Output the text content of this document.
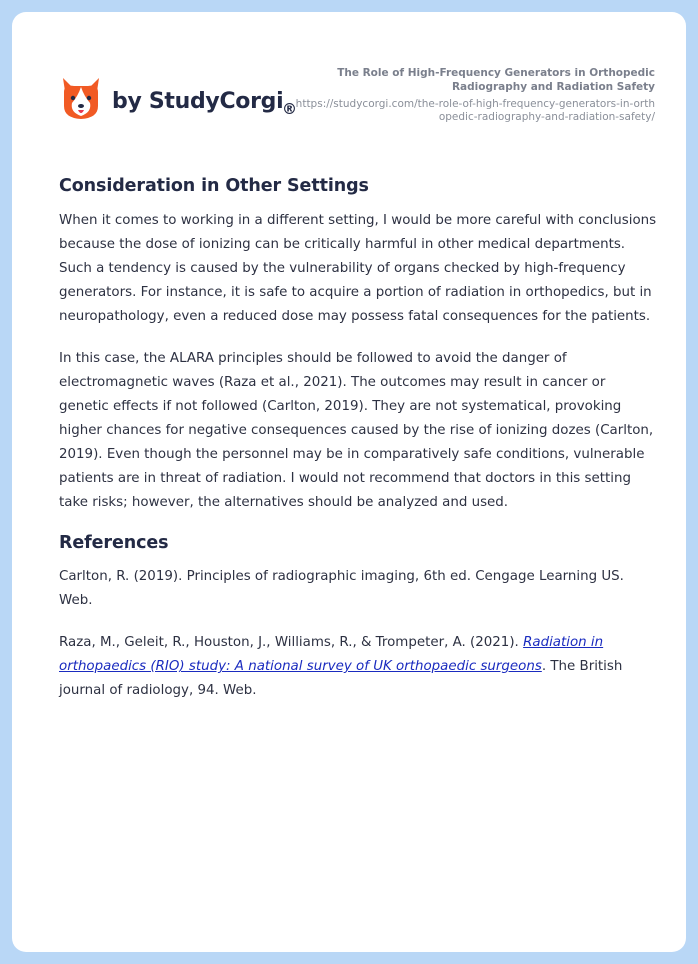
by StudyCorgi
®
The Role of High-Frequency Generators in Orthopedic Radiography and Radiation Safety
https://studycorgi.com/the-role-of-high-frequency-generators-in-orthopedic-radiography-and-radiation-safety/
Consideration in Other Settings

When it comes to working in a different setting, I would be more careful with conclusions because the dose of ionizing can be critically harmful in other medical departments. Such a tendency is caused by the vulnerability of organs checked by high-frequency generators. For instance, it is safe to acquire a portion of radiation in orthopedics, but in neuropathology, even a reduced dose may possess fatal consequences for the patients.

In this case, the ALARA principles should be followed to avoid the danger of electromagnetic waves (Raza et al., 2021). The outcomes may result in cancer or genetic effects if not followed (Carlton, 2019). They are not systematical, provoking higher chances for negative consequences caused by the rise of ionizing dozes (Carlton, 2019). Even though the personnel may be in comparatively safe conditions, vulnerable patients are in threat of radiation. I would not recommend that doctors in this setting take risks; however, the alternatives should be analyzed and used.

References

Carlton, R. (2019). Principles of radiographic imaging, 6th ed. Cengage Learning US. Web.

Raza, M., Geleit, R., Houston, J., Williams, R., & Trompeter, A. (2021). Radiation in orthopaedics (RIO) study: A national survey of UK orthopaedic surgeons. The British journal of radiology, 94. Web.
